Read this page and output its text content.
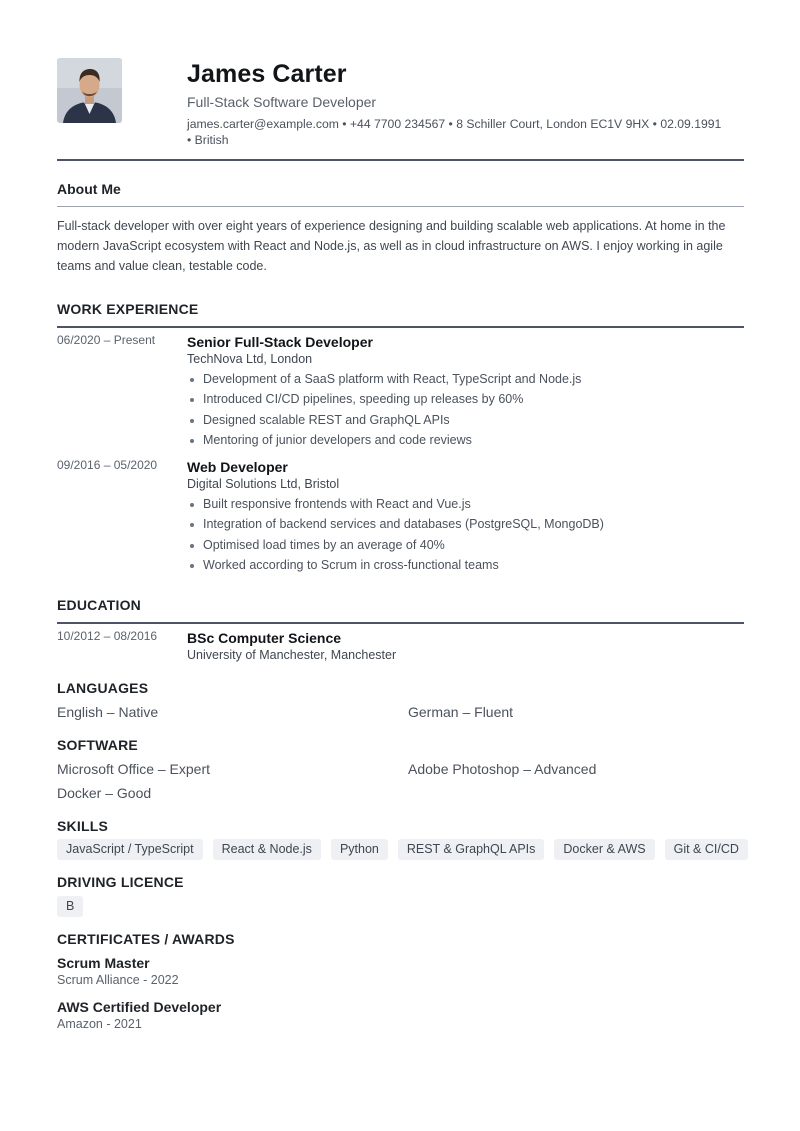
James Carter
Full-Stack Software Developer
james.carter@example.com • +44 7700 234567 • 8 Schiller Court, London EC1V 9HX • 02.09.1991 • British
About Me
Full-stack developer with over eight years of experience designing and building scalable web applications. At home in the modern JavaScript ecosystem with React and Node.js, as well as in cloud infrastructure on AWS. I enjoy working in agile teams and value clean, testable code.
WORK EXPERIENCE
06/2020 – Present Senior Full-Stack Developer
TechNova Ltd, London
Development of a SaaS platform with React, TypeScript and Node.js
Introduced CI/CD pipelines, speeding up releases by 60%
Designed scalable REST and GraphQL APIs
Mentoring of junior developers and code reviews
09/2016 – 05/2020 Web Developer
Digital Solutions Ltd, Bristol
Built responsive frontends with React and Vue.js
Integration of backend services and databases (PostgreSQL, MongoDB)
Optimised load times by an average of 40%
Worked according to Scrum in cross-functional teams
EDUCATION
10/2012 – 08/2016 BSc Computer Science
University of Manchester, Manchester
LANGUAGES
English – Native	German – Fluent
SOFTWARE
Microsoft Office – Expert	Adobe Photoshop – Advanced
Docker – Good
SKILLS
JavaScript / TypeScript	React & Node.js	Python	REST & GraphQL APIs	Docker & AWS	Git & CI/CD
DRIVING LICENCE
B
CERTIFICATES / AWARDS
Scrum Master
Scrum Alliance - 2022
AWS Certified Developer
Amazon - 2021
